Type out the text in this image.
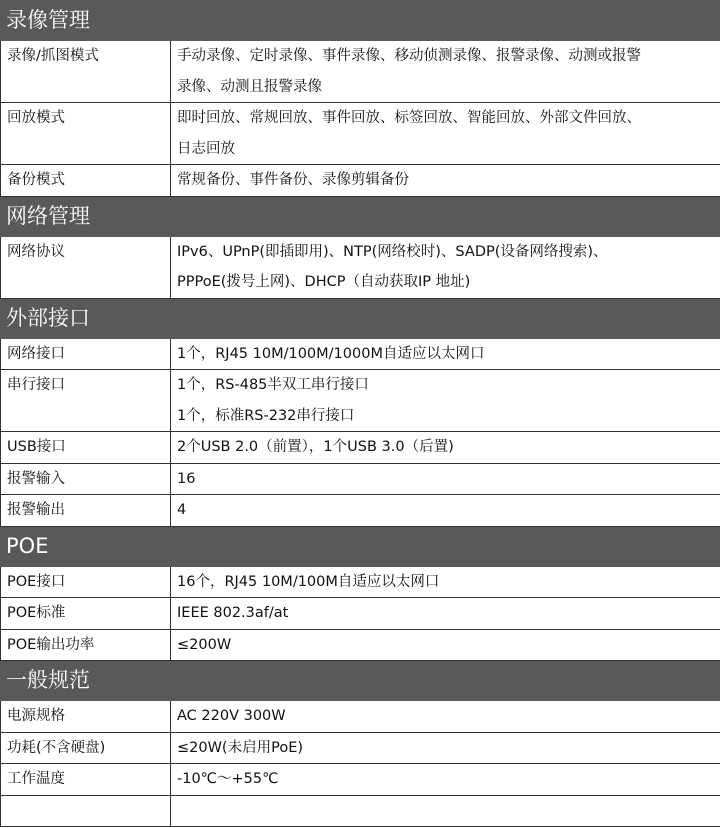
录像管理	
录像/抓图模式	手动录像、定时录像、事件录像、移动侦测录像、报警录像、动测或报警
录像、动测且报警录像

回放模式	即时回放、常规回放、事件回放、标签回放、智能回放、外部文件回放、
日志回放

备份模式	常规备份、事件备份、录像剪辑备份

网络管理	
网络协议	IPv6、UPnP(即插即用)、NTP(网络校时)、SADP(设备网络搜索)、
PPPoE(拨号上网)、DHCP（自动获取IP 地址)

外部接口	
网络接口	1个，RJ45 10M/100M/1000M自适应以太网口

串行接口	1个，RS-485半双工串行接口
1个，标准RS-232串行接口

USB接口	2个USB 2.0（前置），1个USB 3.0（后置)

报警输入	16

报警输出	4

POE	
POE接口	16个，RJ45 10M/100M自适应以太网口

POE标准	IEEE 802.3af/at

POE输出功率	≤200W

一般规范	
电源规格	AC 220V 300W

功耗(不含硬盘)	≤20W(未启用PoE)

工作温度	-10℃～+55℃
